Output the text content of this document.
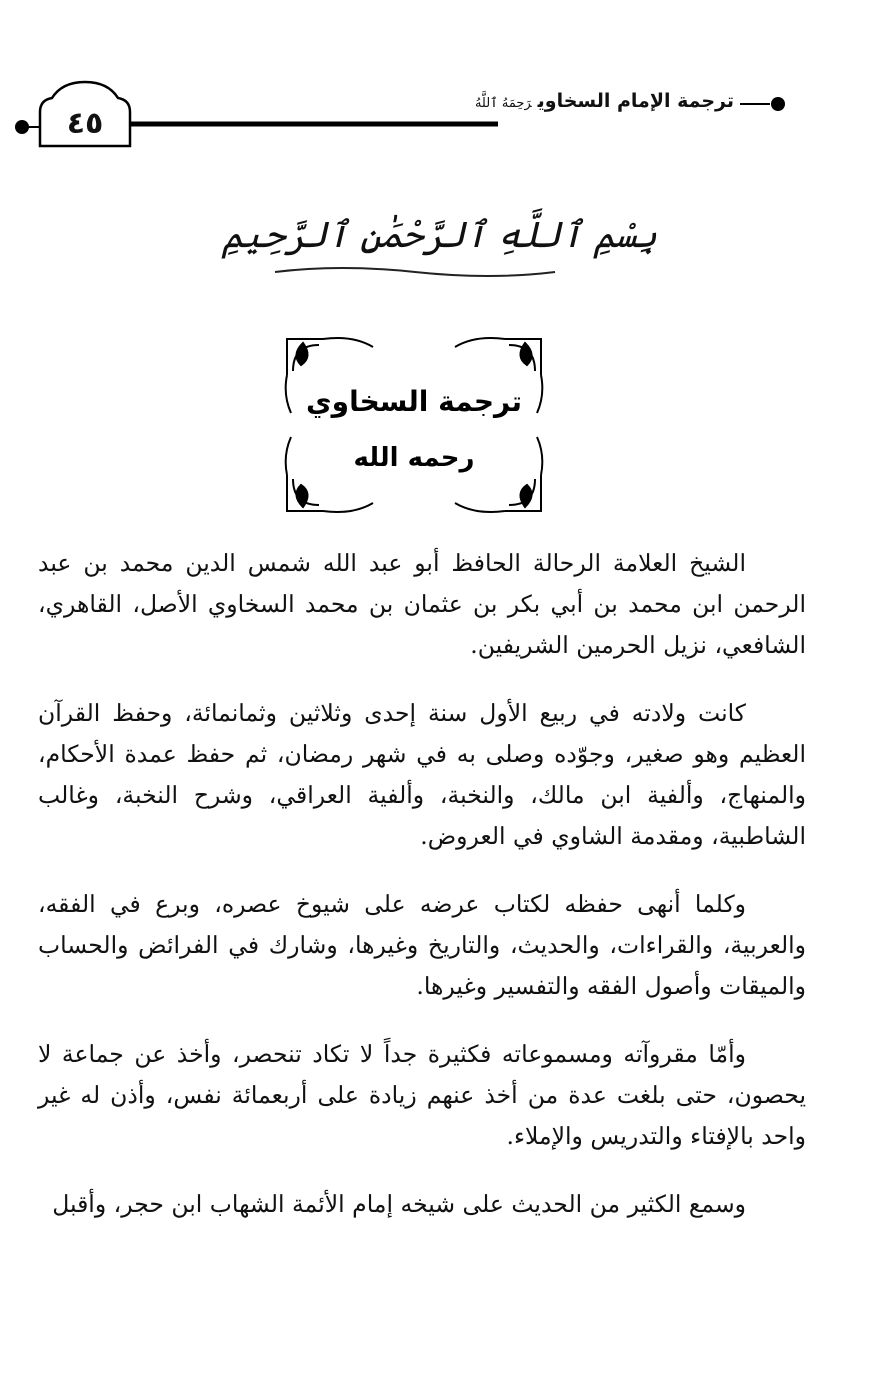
٤٥
ترجمة الإمام السخاويرَحِمَهُ ٱللَّهُ
بِسْمِ ٱللَّهِ ٱلرَّحْمَٰنِ ٱلرَّحِيمِ
ترجمة السخاوي
رحمه الله

الشيخ العلامة الرحالة الحافظ أبو عبد الله شمس الدين محمد بن عبد الرحمن ابن محمد بن أبي بكر بن عثمان بن محمد السخاوي الأصل، القاهري، الشافعي، نزيل الحرمين الشريفين.

كانت ولادته في ربيع الأول سنة إحدى وثلاثين وثمانمائة، وحفظ القرآن العظيم وهو صغير، وجوّده وصلى به في شهر رمضان، ثم حفظ عمدة الأحكام، والمنهاج، وألفية ابن مالك، والنخبة، وألفية العراقي، وشرح النخبة، وغالب الشاطبية، ومقدمة الشاوي في العروض.

وكلما أنهى حفظه لكتاب عرضه على شيوخ عصره، وبرع في الفقه، والعربية، والقراءات، والحديث، والتاريخ وغيرها، وشارك في الفرائض والحساب والميقات وأصول الفقه والتفسير وغيرها.

وأمّا مقروآته ومسموعاته فكثيرة جداً لا تكاد تنحصر، وأخذ عن جماعة لا يحصون، حتى بلغت عدة من أخذ عنهم زيادة على أربعمائة نفس، وأذن له غير واحد بالإفتاء والتدريس والإملاء.

وسمع الكثير من الحديث على شيخه إمام الأئمة الشهاب ابن حجر، وأقبل
